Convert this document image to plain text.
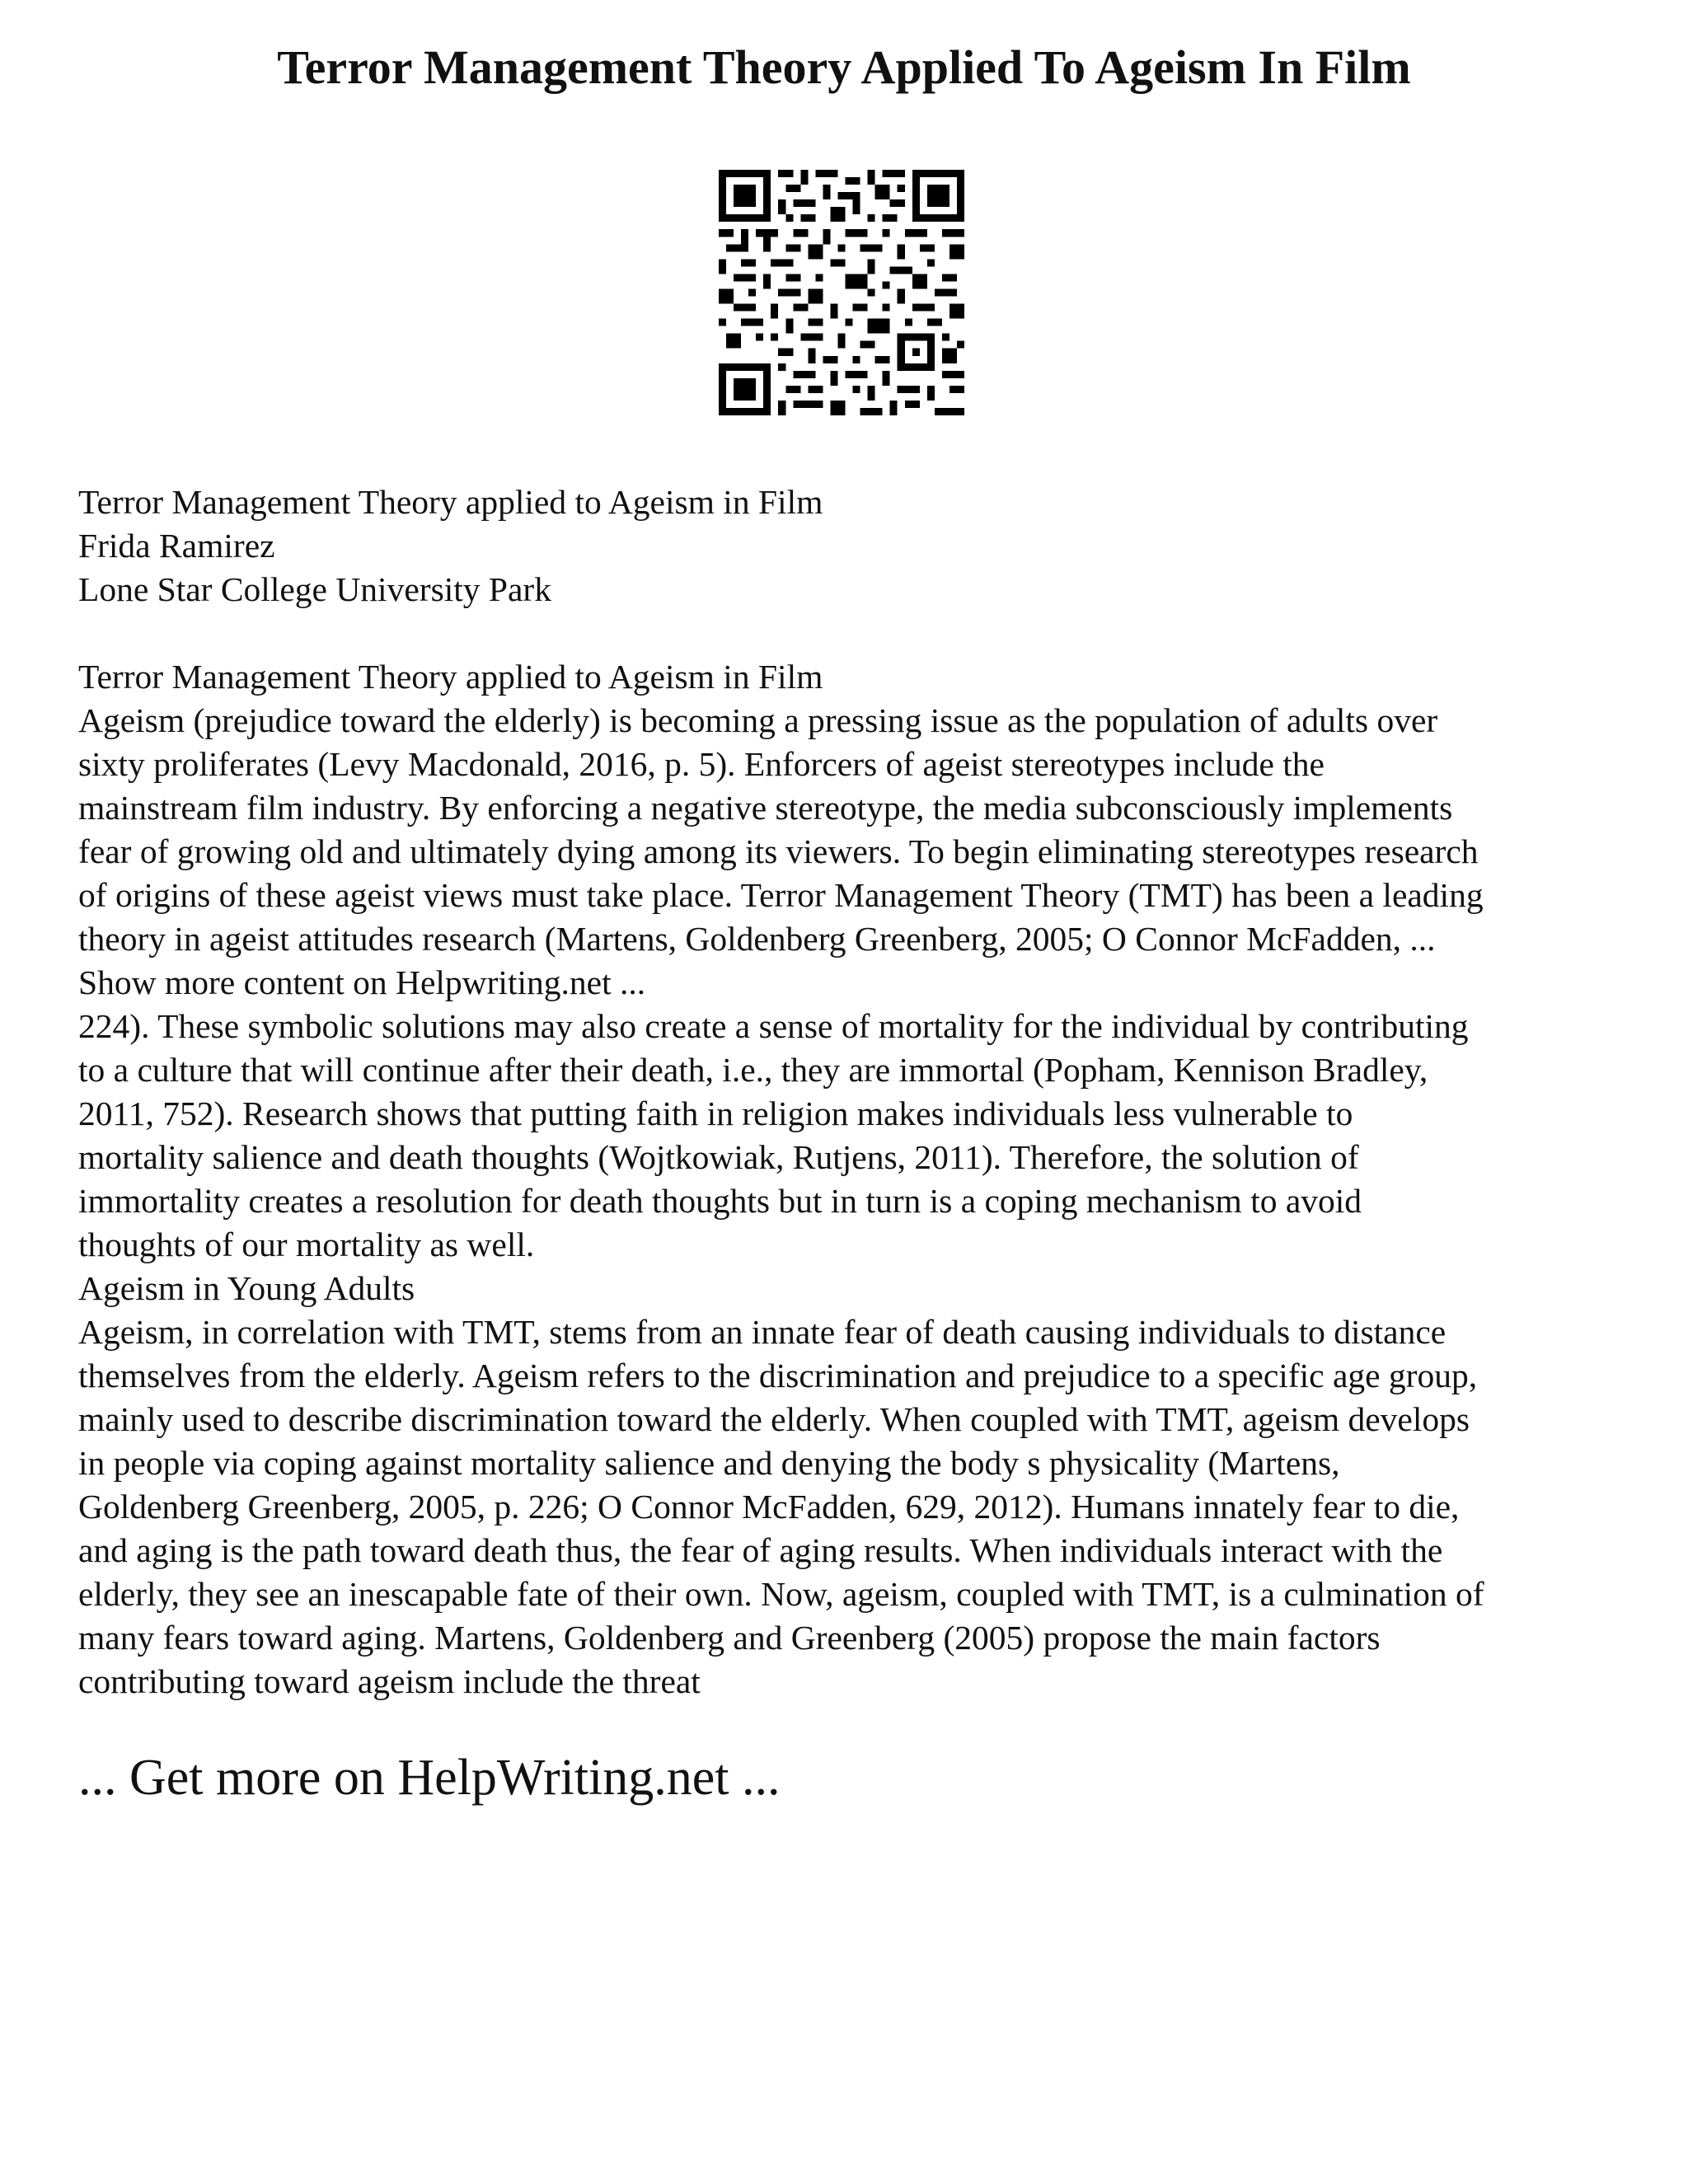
Terror Management Theory Applied To Ageism In Film
Terror Management Theory applied to Ageism in Film
Frida Ramirez
Lone Star College University Park
Terror Management Theory applied to Ageism in Film
Ageism (prejudice toward the elderly) is becoming a pressing issue as the population of adults over
sixty proliferates (Levy Macdonald, 2016, p. 5). Enforcers of ageist stereotypes include the
mainstream film industry. By enforcing a negative stereotype, the media subconsciously implements
fear of growing old and ultimately dying among its viewers. To begin eliminating stereotypes research
of origins of these ageist views must take place. Terror Management Theory (TMT) has been a leading
theory in ageist attitudes research (Martens, Goldenberg Greenberg, 2005; O Connor McFadden, ...
Show more content on Helpwriting.net ...
224). These symbolic solutions may also create a sense of mortality for the individual by contributing
to a culture that will continue after their death, i.e., they are immortal (Popham, Kennison Bradley,
2011, 752). Research shows that putting faith in religion makes individuals less vulnerable to
mortality salience and death thoughts (Wojtkowiak, Rutjens, 2011). Therefore, the solution of
immortality creates a resolution for death thoughts but in turn is a coping mechanism to avoid
thoughts of our mortality as well.
Ageism in Young Adults
Ageism, in correlation with TMT, stems from an innate fear of death causing individuals to distance
themselves from the elderly. Ageism refers to the discrimination and prejudice to a specific age group,
mainly used to describe discrimination toward the elderly. When coupled with TMT, ageism develops
in people via coping against mortality salience and denying the body s physicality (Martens,
Goldenberg Greenberg, 2005, p. 226; O Connor McFadden, 629, 2012). Humans innately fear to die,
and aging is the path toward death thus, the fear of aging results. When individuals interact with the
elderly, they see an inescapable fate of their own. Now, ageism, coupled with TMT, is a culmination of
many fears toward aging. Martens, Goldenberg and Greenberg (2005) propose the main factors
contributing toward ageism include the threat
... Get more on HelpWriting.net ...
